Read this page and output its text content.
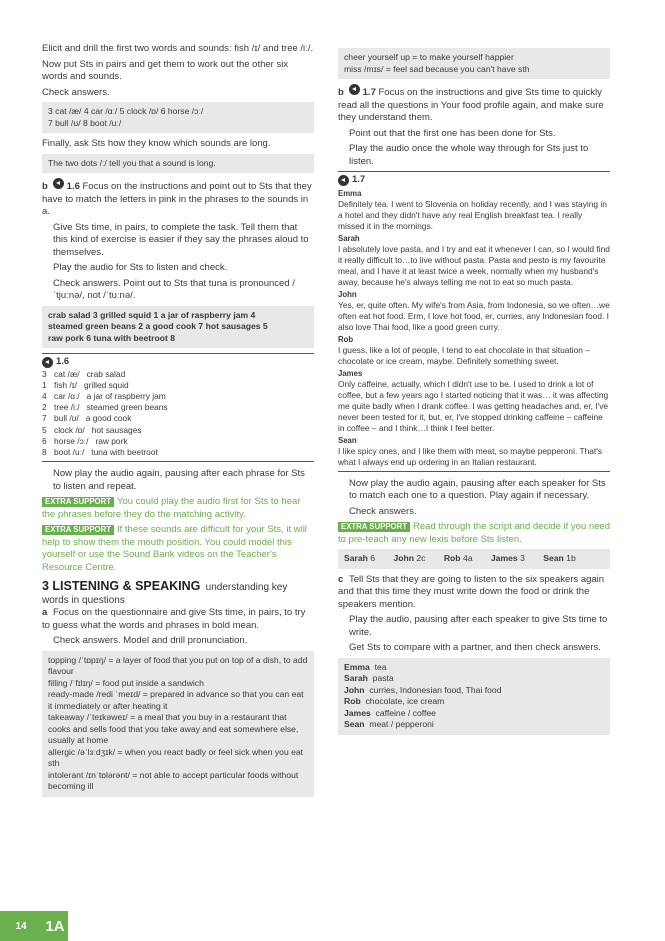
Elicit and drill the first two words and sounds: fish /ɪ/ and tree /iː/.

Now put Sts in pairs and get them to work out the other six words and sounds.

Check answers.

3 cat /æ/ 4 car /ɑː/ 5 clock /ɒ/ 6 horse /ɔː/
7 bull /ʊ/ 8 boot /uː/

Finally, ask Sts how they know which sounds are long.

The two dots /ː/ tell you that a sound is long.

b 1.6 Focus on the instructions and point out to Sts that they have to match the letters in pink in the phrases to the sounds in a.

Give Sts time, in pairs, to complete the task. Tell them that this kind of exercise is easier if they say the phrases aloud to themselves.

Play the audio for Sts to listen and check.

Check answers. Point out to Sts that tuna is pronounced /ˈtjuːnə/, not /ˈtuːnə/.

crab salad 3 grilled squid 1 a jar of raspberry jam 4
steamed green beans 2 a good cook 7 hot sausages 5
raw pork 6 tuna with beetroot 8
1.6
3 cat /æ/ crab salad
1 fish /ɪ/ grilled squid
4 car /ɑː/ a jar of raspberry jam
2 tree /iː/ steamed green beans
7 bull /ʊ/ a good cook
5 clock /ɒ/ hot sausages
6 horse /ɔː/ raw pork
8 boot /uː/ tuna with beetroot

Now play the audio again, pausing after each phrase for Sts to listen and repeat.

EXTRA SUPPORT You could play the audio first for Sts to hear the phrases before they do the matching activity.

EXTRA SUPPORT If these sounds are difficult for your Sts, it will help to show them the mouth position. You could model this yourself or use the Sound Bank videos on the Teacher's Resource Centre.

3 LISTENING & SPEAKING understanding key words in questions

a Focus on the questionnaire and give Sts time, in pairs, to try to guess what the words and phrases in bold mean.

Check answers. Model and drill pronunciation.

topping /ˈtɒpɪŋ/ = a layer of food that you put on top of a dish, to add flavour
filling /ˈfɪlɪŋ/ = food put inside a sandwich
ready-made /redi ˈmeɪd/ = prepared in advance so that you can eat it immediately or after heating it
takeaway /ˈteɪkəweɪ/ = a meal that you buy in a restaurant that cooks and sells food that you take away and eat somewhere else, usually at home
allergic /əˈlɜːdʒɪk/ = when you react badly or feel sick when you eat sth
intolerant /ɪnˈtɒlərənt/ = not able to accept particular foods without becoming ill
cheer yourself up = to make yourself happier
miss /mɪs/ = feel sad because you can't have sth

b 1.7 Focus on the instructions and give Sts time to quickly read all the questions in Your food profile again, and make sure they understand them.

Point out that the first one has been done for Sts.

Play the audio once the whole way through for Sts just to listen.

1.7
Emma
Definitely tea. I went to Slovenia on holiday recently, and I was staying in a hotel and they didn't have any real English breakfast tea. I really missed it in the mornings.
Sarah
I absolutely love pasta, and I try and eat it whenever I can, so I would find it really difficult to…to live without pasta. Pasta and pesto is my favourite meal, and I have it at least twice a week, normally when my husband's away, because he's always telling me not to eat so much pasta.
John
Yes, er, quite often. My wife's from Asia, from Indonesia, so we often…we often eat hot food. Erm, I love hot food, er, curries, any Indonesian food. I also love Thai food, like a good green curry.
Rob
I guess, like a lot of people, I tend to eat chocolate in that situation – chocolate or ice cream, maybe. Definitely something sweet.
James
Only caffeine, actually, which I didn't use to be. I used to drink a lot of coffee, but a few years ago I started noticing that it was… it was affecting me quite badly when I drank coffee. I was getting headaches and, er, I've never been tested for it, but, er, I've stopped drinking caffeine – caffeine in coffee – and I think…I think I feel better.
Sean
I like spicy ones, and I like them with meat, so maybe pepperoni. That's what I always end up ordering in an Italian restaurant.

Now play the audio again, pausing after each speaker for Sts to match each one to a question. Play again if necessary.

Check answers.

EXTRA SUPPORT Read through the script and decide if you need to pre-teach any new lexis before Sts listen.

Sarah 6 John 2c Rob 4a James 3 Sean 1b

c Tell Sts that they are going to listen to the six speakers again and that this time they must write down the food or drink the speakers mention.

Play the audio, pausing after each speaker to give Sts time to write.

Get Sts to compare with a partner, and then check answers.

Emma tea
Sarah pasta
John curries, Indonesian food, Thai food
Rob chocolate, ice cream
James caffeine / coffee
Sean meat / pepperoni
14	1A
